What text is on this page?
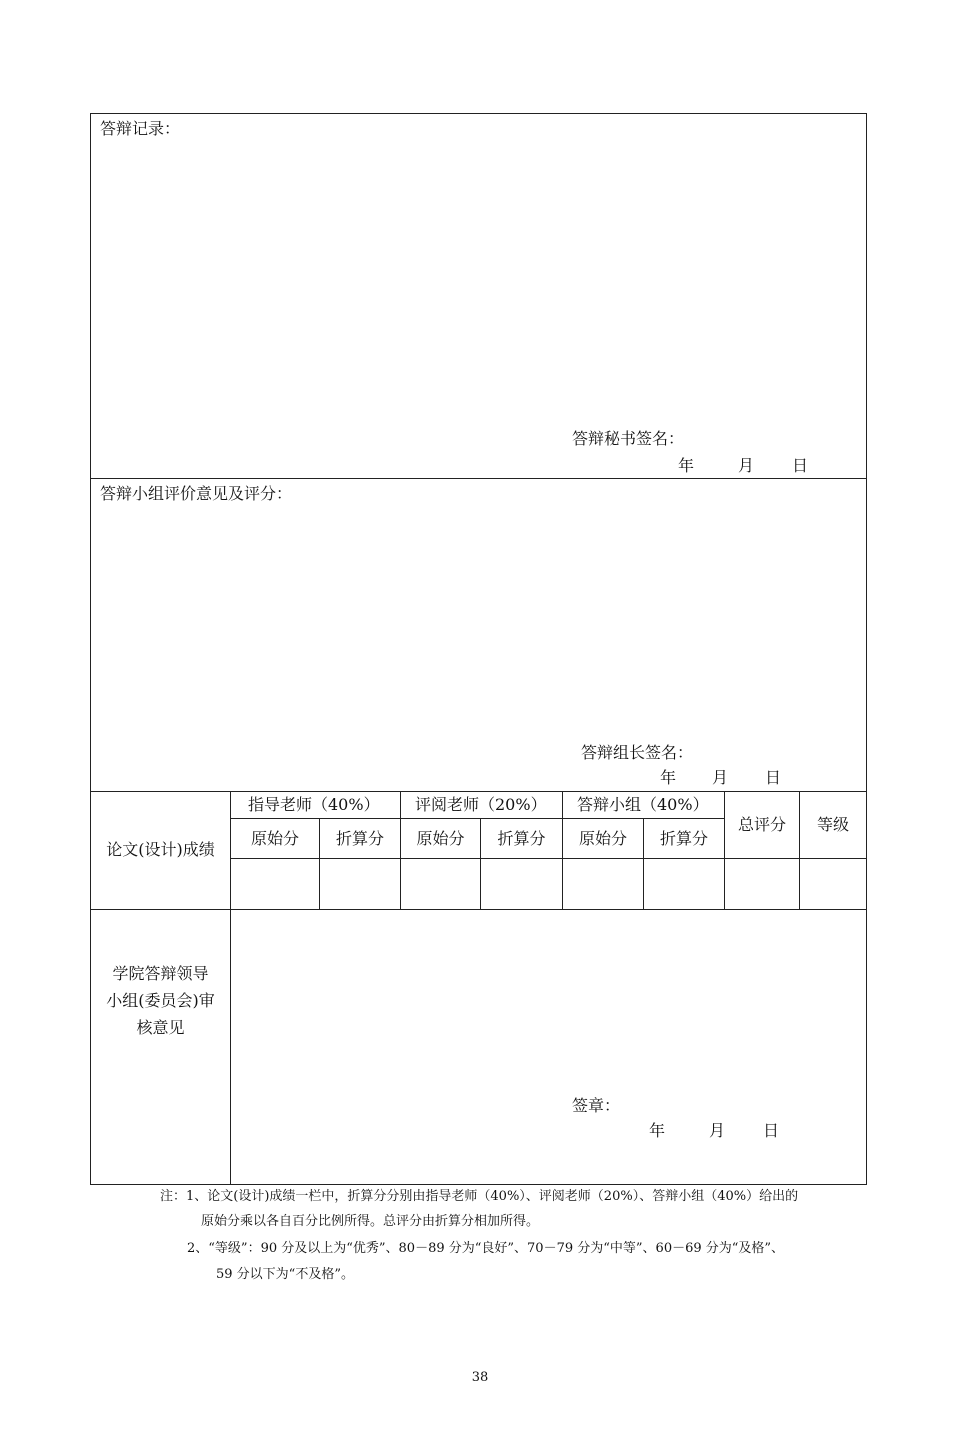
答辩记录：
答辩秘书签名：
年	月 日
答辩小组评价意见及评分：
答辩组长签名：
年 月 日
论文(设计)成绩
指导老师（40%）	评阅老师（20%）	答辩小组（40%）
原始分	折算分	原始分	折算分	原始分	折算分
总评分	等级
学院答辩领导
小组(委员会)审
核意见
签章：
年	月 日
注：1、论文(设计)成绩一栏中，折算分分别由指导老师（40%）、评阅老师（20%）、答辩小组（40%）给出的
原始分乘以各自百分比例所得。总评分由折算分相加所得。
2、“等级”：90 分及以上为“优秀”、80－89 分为“良好”、70－79 分为“中等”、60－69 分为“及格”、
59 分以下为“不及格”。
38
